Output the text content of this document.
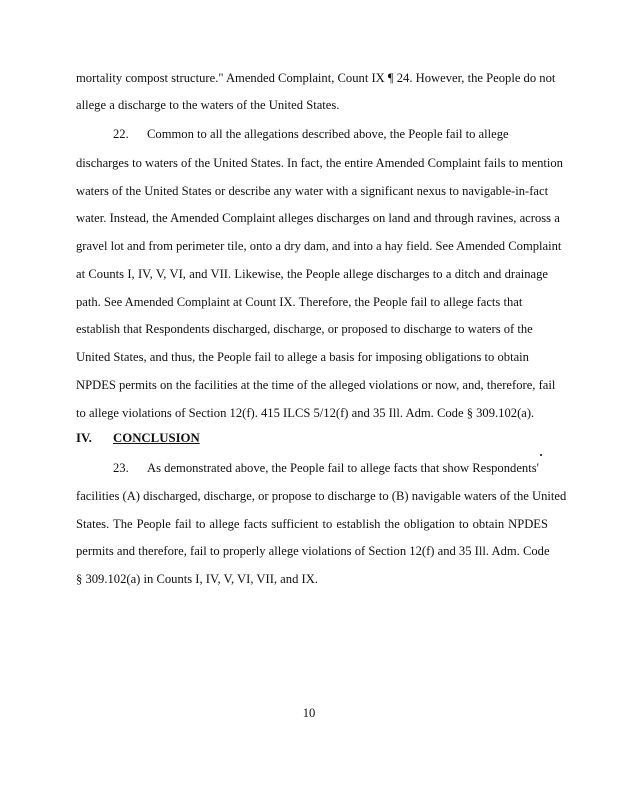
mortality compost structure." Amended Complaint, Count IX ¶ 24. However, the People do not
allege a discharge to the waters of the United States.
22. Common to all the allegations described above, the People fail to allege
discharges to waters of the United States. In fact, the entire Amended Complaint fails to mention
waters of the United States or describe any water with a significant nexus to navigable-in-fact
water. Instead, the Amended Complaint alleges discharges on land and through ravines, across a
gravel lot and from perimeter tile, onto a dry dam, and into a hay field. See Amended Complaint
at Counts I, IV, V, VI, and VII. Likewise, the People allege discharges to a ditch and drainage
path. See Amended Complaint at Count IX. Therefore, the People fail to allege facts that
establish that Respondents discharged, discharge, or proposed to discharge to waters of the
United States, and thus, the People fail to allege a basis for imposing obligations to obtain
NPDES permits on the facilities at the time of the alleged violations or now, and, therefore, fail
to allege violations of Section 12(f). 415 ILCS 5/12(f) and 35 Ill. Adm. Code § 309.102(a).
IV. CONCLUSION
23. As demonstrated above, the People fail to allege facts that show Respondents'
facilities (A) discharged, discharge, or propose to discharge to (B) navigable waters of the United
States. The People fail to allege facts sufficient to establish the obligation to obtain NPDES
permits and therefore, fail to properly allege violations of Section 12(f) and 35 Ill. Adm. Code
§ 309.102(a) in Counts I, IV, V, VI, VII, and IX.
10
